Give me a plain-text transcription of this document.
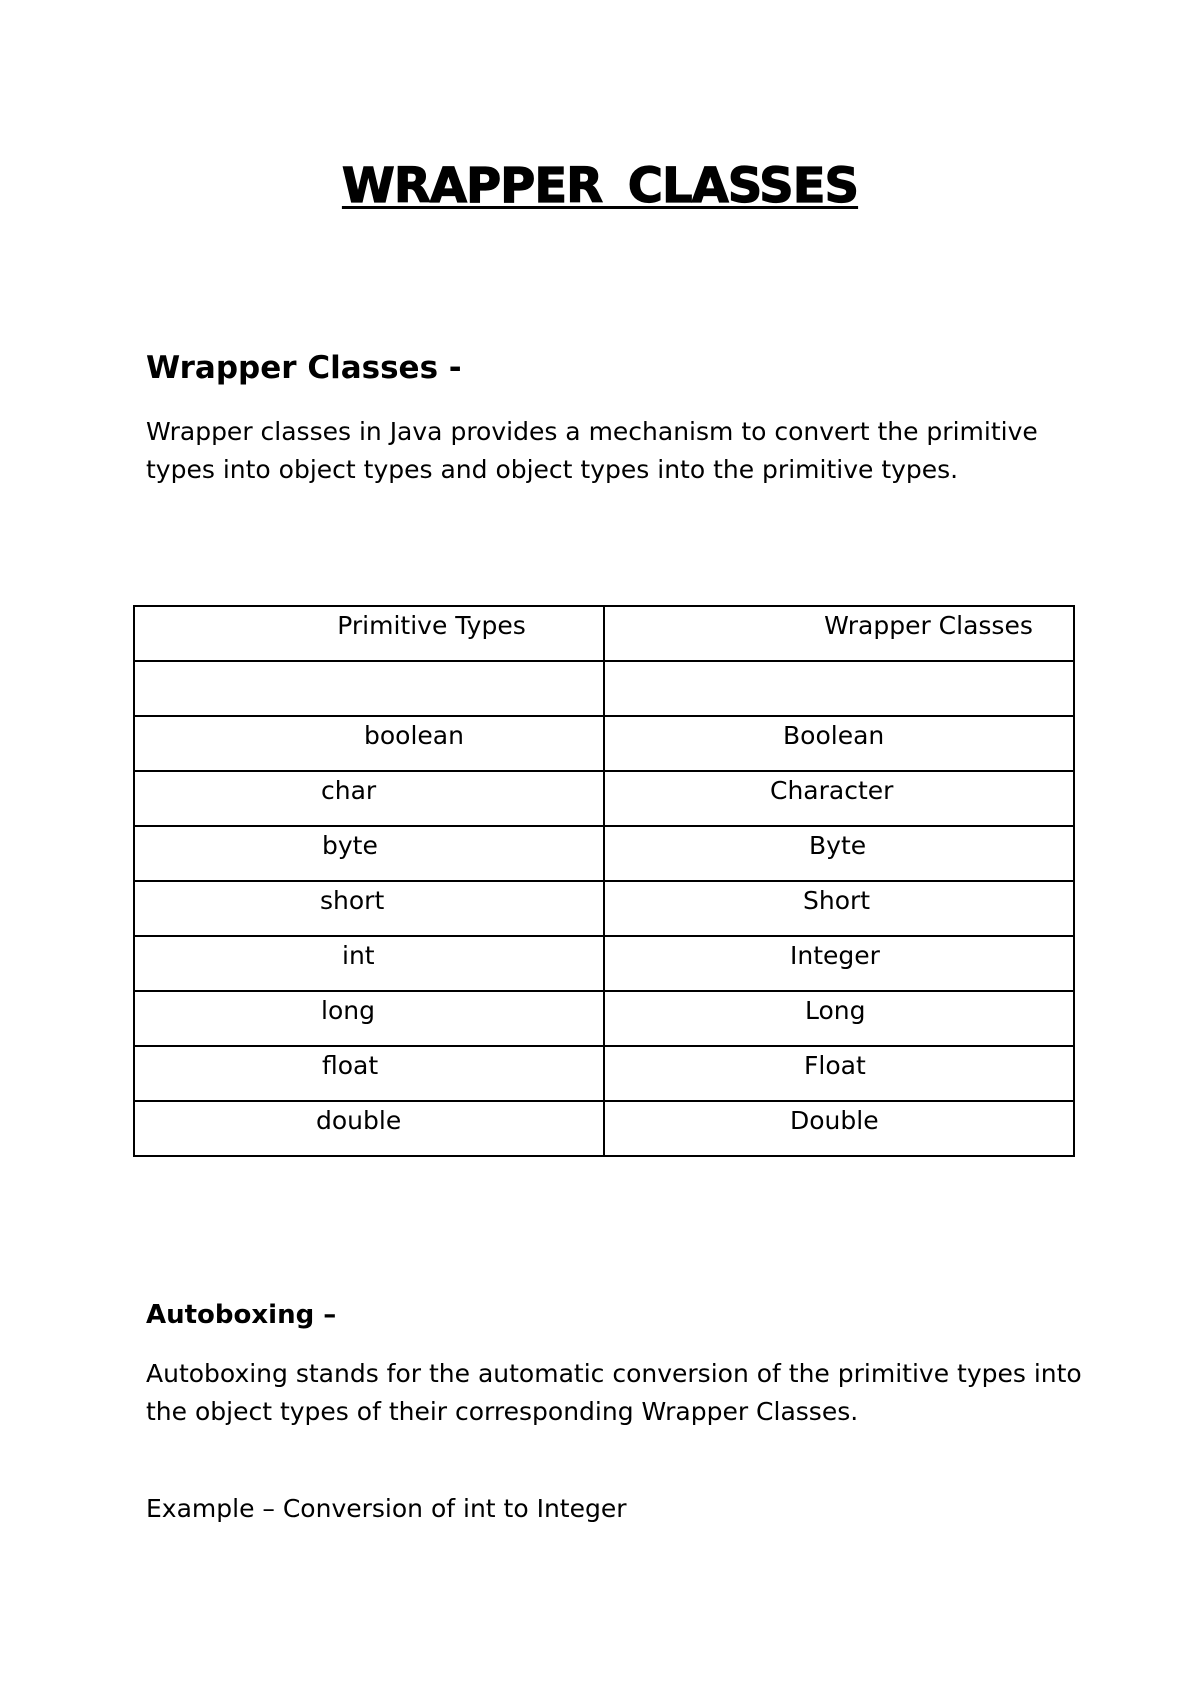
WRAPPER CLASSES
Wrapper Classes -

Wrapper classes in Java provides a mechanism to convert the primitive types into object types and object types into the primitive types.

Primitive Types	Wrapper Classes

boolean	Boolean

char	Character

byte	Byte

short	Short

int	Integer

long	Long

float	Float

double	Double
Autoboxing –

Autoboxing stands for the automatic conversion of the primitive types into the object types of their corresponding Wrapper Classes.

Example – Conversion of int to Integer
